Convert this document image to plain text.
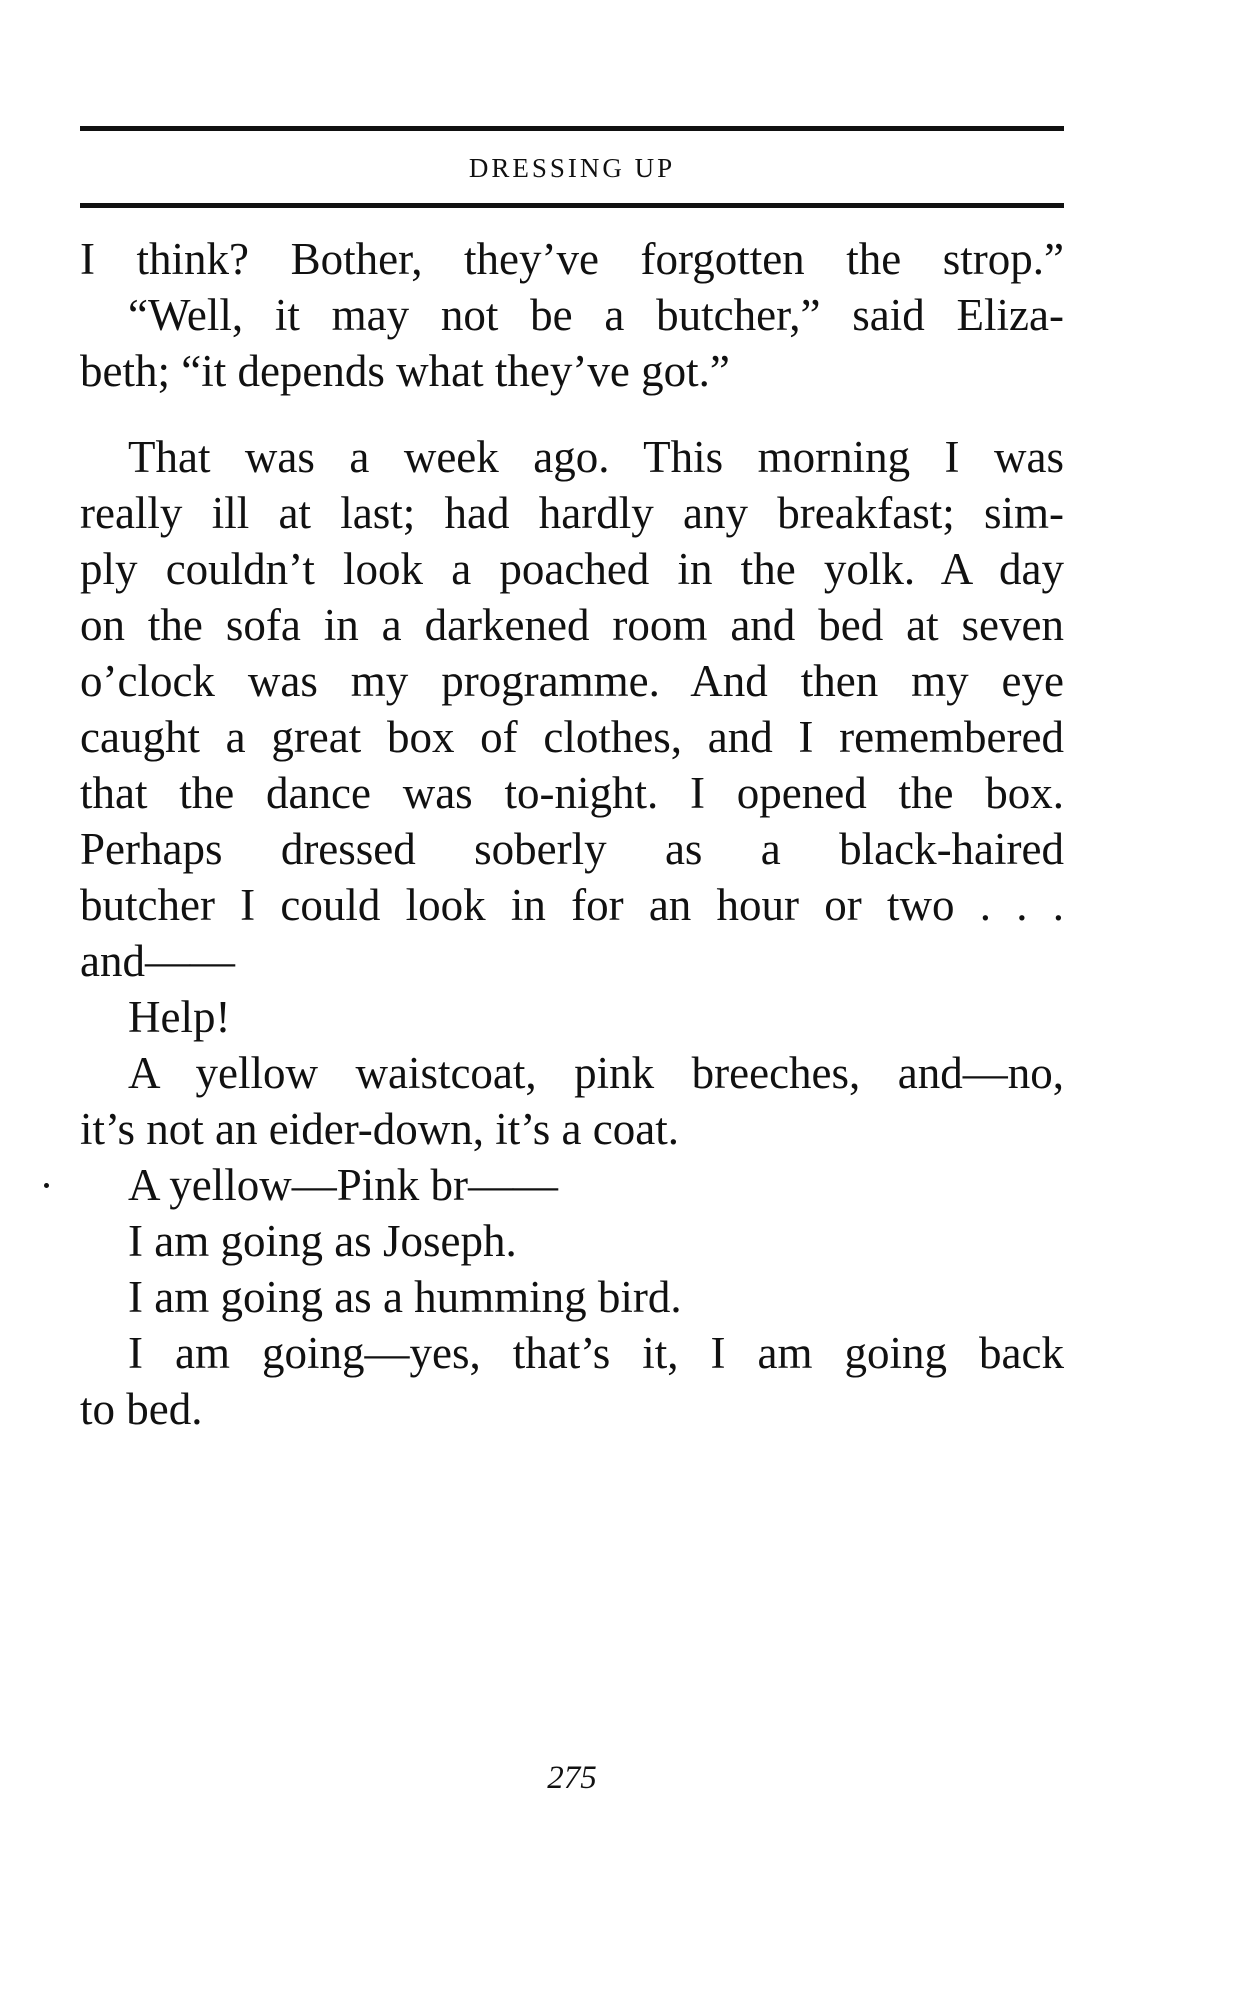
DRESSING UP
I think? Bother, they’ve forgotten the strop.”
“Well, it may not be a butcher,” said Eliza-
beth; “it depends what they’ve got.”
That was a week ago. This morning I was
really ill at last; had hardly any breakfast; sim-
ply couldn’t look a poached in the yolk. A day
on the sofa in a darkened room and bed at seven
o’clock was my programme. And then my eye
caught a great box of clothes, and I remembered
that the dance was to-night. I opened the box.
Perhaps dressed soberly as a black-haired
butcher I could look in for an hour or two . . .
and——
Help!
A yellow waistcoat, pink breeches, and—no,
it’s not an eider-down, it’s a coat.
A yellow—Pink br——
I am going as Joseph.
I am going as a humming bird.
I am going—yes, that’s it, I am going back
to bed.
275
